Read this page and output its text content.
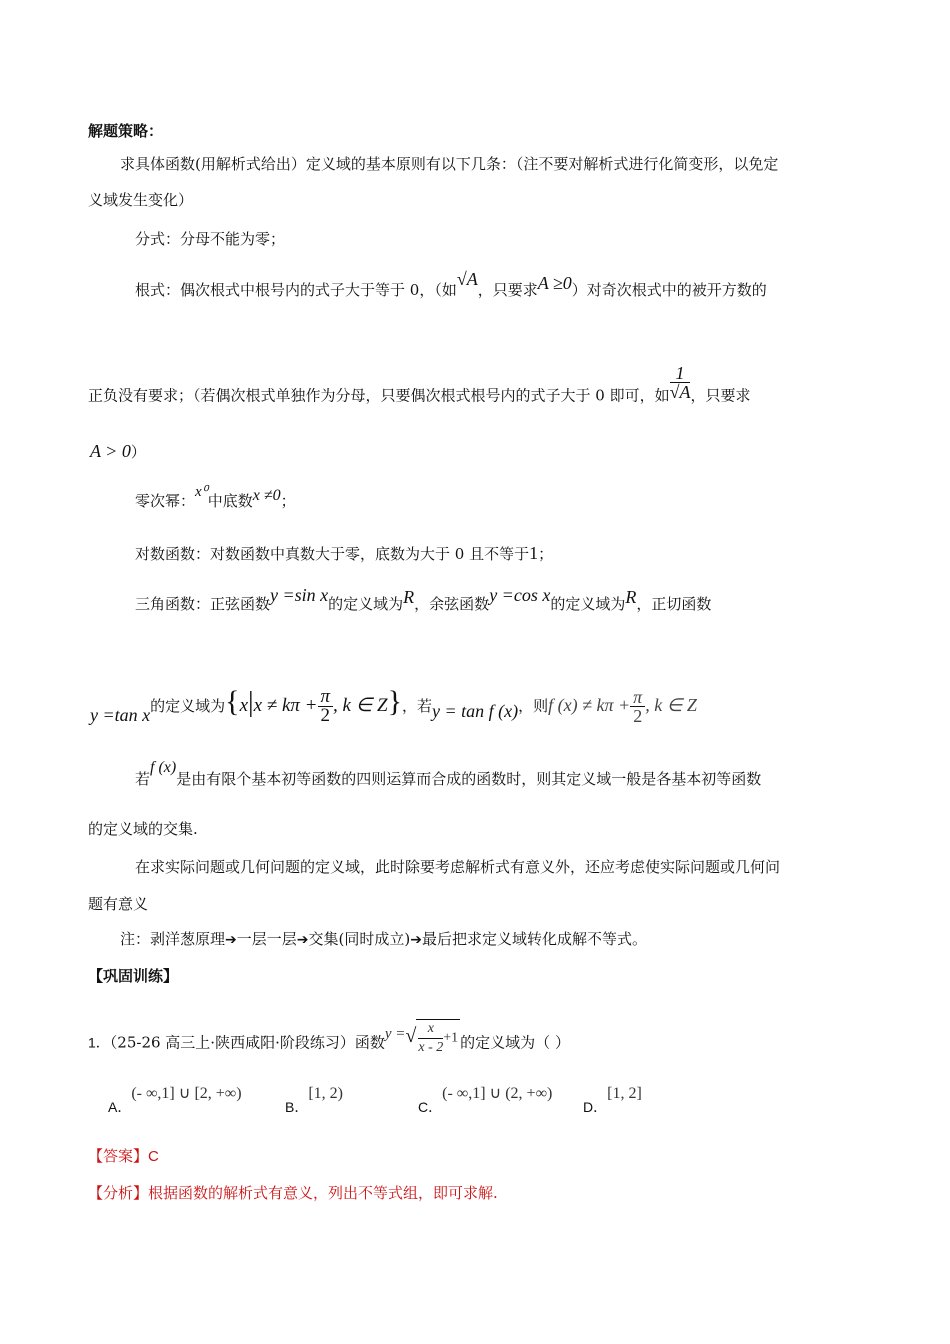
解题策略：
求具体函数(用解析式给出）定义域的基本原则有以下几条：（注不要对解析式进行化简变形，以免定
义域发生变化）
分式：分母不能为零；
根式：偶次根式中根号内的式子大于等于 0，（如√A，只要求A ≥0）对奇次根式中的被开方数的
正负没有要求；（若偶次根式单独作为分母，只要偶次根式根号内的式子大于 0 即可，如 $\frac{1}{√A}$ ，只要求
A > 0）
零次幂：x⁰中底数x ≠0；
对数函数：对数函数中真数大于零，底数为大于 0 且不等于1；
三角函数：正弦函数y =sin x的定义域为R，余弦函数y =cos x的定义域为R，正切函数
y =tan x的定义域为{$x|x \ne k\pi + \frac{\pi}{2}$ , k ∈ Z}，若y = tan f (x)，则f $(x) \ne k\pi + \frac{\pi}{2}$ , k ∈ Z
若f (x)是由有限个基本初等函数的四则运算而合成的函数时，则其定义域一般是各基本初等函数
的定义域的交集.
在求实际问题或几何问题的定义域，此时除要考虑解析式有意义外，还应考虑使实际问题或几何问
题有意义
注：剥洋葱原理➔一层一层➔交集(同时成立)➔最后把求定义域转化成解不等式。
【巩固训练】
1．（25-26 高三上·陕西咸阳·阶段练习）函数y =√ $\frac{x}{x - 2} +1$ 的定义域为（ ）
A．(- ∞,1] ∪ [2, +∞)
B．[1, 2)
C．(- ∞,1] ∪ (2, +∞)
D．[1, 2]
【答案】C
【分析】根据函数的解析式有意义，列出不等式组，即可求解.
